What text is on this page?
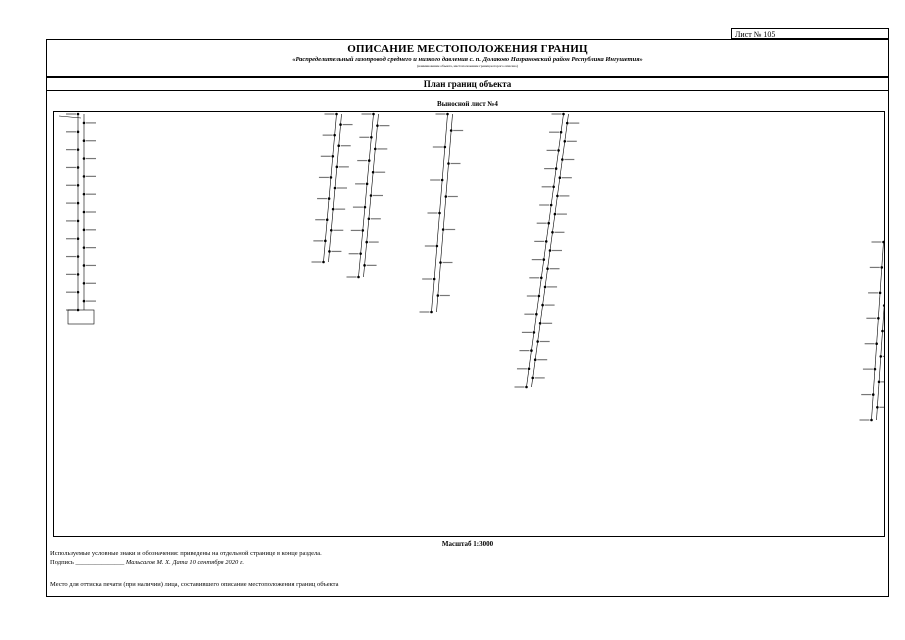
Лист № 105
ОПИСАНИЕ МЕСТОПОЛОЖЕНИЯ ГРАНИЦ
«Распределительный газопровод среднего и низкого давления с. п. Долаково Назрановский район Республика Ингушетия»
(наименование объекта, местоположение границ которого описано)
План границ объекта
Выносной лист №4
Масштаб 1:3000
Используемые условные знаки и обозначения: приведены на отдельной странице в конце раздела.
Подпись _______________ Мальсагов М. Х. Дата 10 сентября 2020 г.
Место для оттиска печати (при наличии) лица, составившего описание местоположения границ объекта
